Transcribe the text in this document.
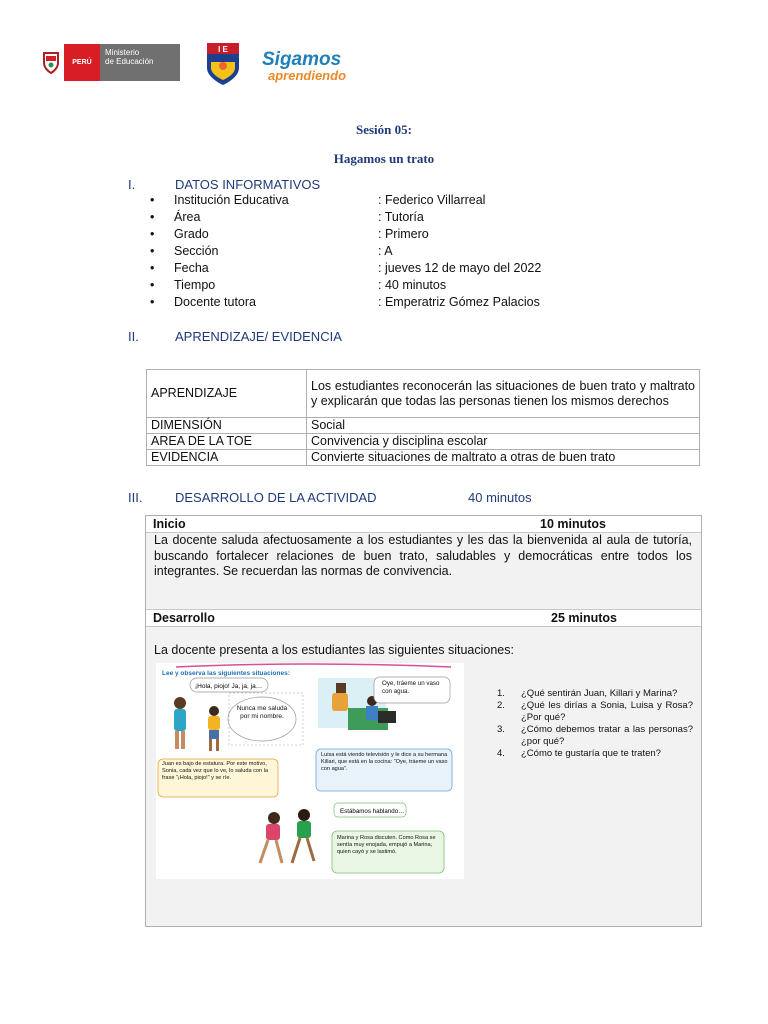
PERÚ
Ministerio
de Educación
I E Sigamos
aprendiendo
Sesión 05:
Hagamos un trato
I.	DATOS INFORMATIVOS
• Institución Educativa	: Federico Villarreal
• Área	: Tutoría
• Grado	: Primero
• Sección	: A
• Fecha	: jueves 12 de mayo del 2022
• Tiempo	: 40 minutos
• Docente tutora	: Emperatriz Gómez Palacios
II.	APRENDIZAJE/ EVIDENCIA
APRENDIZAJE	Los estudiantes reconocerán las situaciones de buen trato y maltrato y explicarán que todas las personas tienen los mismos derechos
DIMENSIÓN	Social
AREA DE LA TOE	Convivencia y disciplina escolar
EVIDENCIA	Convierte situaciones de maltrato a otras de buen trato
III.	DESARROLLO DE LA ACTIVIDAD	40 minutos
Inicio	10 minutos
La docente saluda afectuosamente a los estudiantes y les das la bienvenida al aula de tutoría, buscando fortalecer relaciones de buen trato, saludables y democráticas entre todos los integrantes. Se recuerdan las normas de convivencia.
Desarrollo	25 minutos
La docente presenta a los estudiantes las siguientes situaciones:
Lee y observa las siguientes situaciones:
¡Hola, piojo! Ja, ja, ja…
Nunca me saluda por mi nombre.
Juan es bajo de estatura. Por este motivo, Sonia, cada vez que lo ve, lo saluda con la frase “¡Hola, piojo!” y se ríe.
Oye, tráeme un vaso con agua.
Luisa está viendo televisión y le dice a su hermana Killari, que está en la cocina: “Oye, tráeme un vaso con agua”.
Estábamos hablando…
Marina y Rosa discuten. Como Rosa se sentía muy enojada, empujó a Marina, quien cayó y se lastimó.
1. ¿Qué sentirán Juan, Killari y Marina?
2. ¿Qué les dirías a Sonia, Luisa y Rosa? ¿Por qué?
3. ¿Cómo debemos tratar a las personas? ¿por qué?
4. ¿Cómo te gustaría que te traten?
